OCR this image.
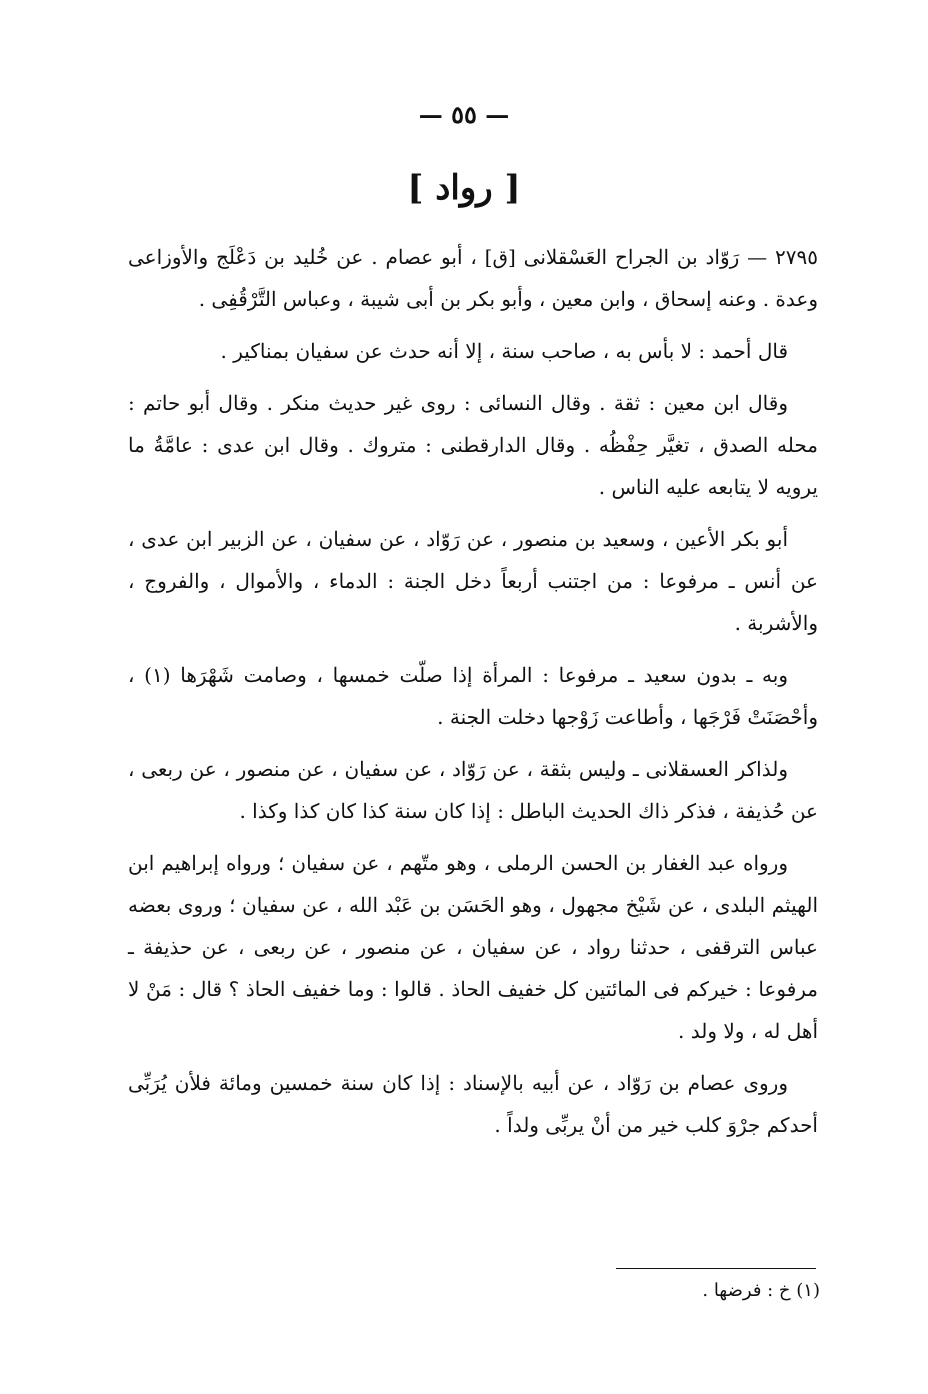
— ٥٥ —
[ رواد ]

٢٧٩٥ — رَوّاد بن الجراح العَسْقلانى [ق] ، أبو عصام . عن خُليد بن دَعْلَج والأوزاعى وعدة . وعنه إسحاق ، وابن معين ، وأبو بكر بن أبى شيبة ، وعباس التَّرْقُفِى .

قال أحمد : لا بأس به ، صاحب سنة ، إلا أنه حدث عن سفيان بمناكير .

وقال ابن معين : ثقة . وقال النسائى : روى غير حديث منكر . وقال أبو حاتم : محله الصدق ، تغيَّر حِفْظُه . وقال الدارقطنى : متروك . وقال ابن عدى : عامَّةُ ما يرويه لا يتابعه عليه الناس .

أبو بكر الأعين ، وسعيد بن منصور ، عن رَوّاد ، عن سفيان ، عن الزبير ابن عدى ، عن أنس ـ مرفوعا : من اجتنب أربعاً دخل الجنة : الدماء ، والأموال ، والفروج ، والأشربة .

وبه ـ بدون سعيد ـ مرفوعا : المرأة إذا صلّت خمسها ، وصامت شَهْرَها (١) ، وأحْصَنَتْ فَرْجَها ، وأطاعت زَوْجها دخلت الجنة .

ولذاكر العسقلانى ـ وليس بثقة ، عن رَوّاد ، عن سفيان ، عن منصور ، عن ربعى ، عن حُذيفة ، فذكر ذاك الحديث الباطل : إذا كان سنة كذا كان كذا وكذا .

ورواه عبد الغفار بن الحسن الرملى ، وهو متّهم ، عن سفيان ؛ ورواه إبراهيم ابن الهيثم البلدى ، عن شَيْخ مجهول ، وهو الحَسَن بن عَبْد الله ، عن سفيان ؛ وروى بعضه عباس الترقفى ، حدثنا رواد ، عن سفيان ، عن منصور ، عن ربعى ، عن حذيفة ـ مرفوعا : خيركم فى المائتين كل خفيف الحاذ . قالوا : وما خفيف الحاذ ؟ قال : مَنْ لا أهل له ، ولا ولد .

وروى عصام بن رَوّاد ، عن أبيه بالإسناد : إذا كان سنة خمسين ومائة فلأن يُرَبِّى أحدكم جرْوَ كلب خير من أنْ يربِّى ولداً .

(١) خ : فرضها .
